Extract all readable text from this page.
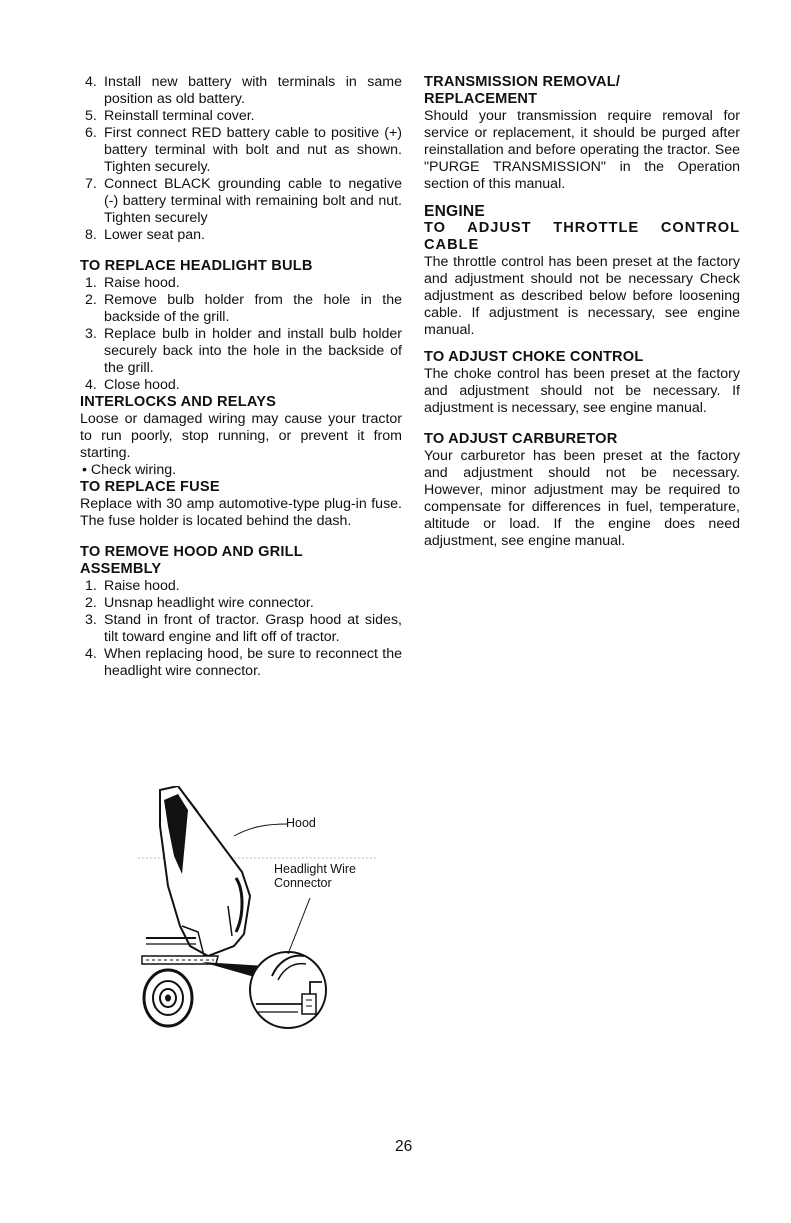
4. Install new battery with terminals in same position as old battery.
5. Reinstall terminal cover.
6. First connect RED battery cable to positive (+) battery terminal with bolt and nut as shown. Tighten securely.
7. Connect BLACK grounding cable to negative (-) battery terminal with remaining bolt and nut. Tighten securely
8. Lower seat pan.
TO REPLACE HEADLIGHT BULB
1. Raise hood.
2. Remove bulb holder from the hole in the backside of the grill.
3. Replace bulb in holder and install bulb holder securely back into the hole in the backside of the grill.
4. Close hood.
INTERLOCKS AND RELAYS
Loose or damaged wiring may cause your tractor to run poorly, stop running, or prevent it from starting.
• Check wiring.
TO REPLACE FUSE
Replace with 30 amp automotive-type plug-in fuse. The fuse holder is located behind the dash.
TO REMOVE HOOD AND GRILL ASSEMBLY
1. Raise hood.
2. Unsnap headlight wire connector.
3. Stand in front of tractor. Grasp hood at sides, tilt toward engine and lift off of tractor.
4. When replacing hood, be sure to reconnect the headlight wire connector.
TRANSMISSION REMOVAL/ REPLACEMENT
Should your transmission require removal for service or replacement, it should be purged after reinstallation and before operating the tractor. See "PURGE TRANSMISSION" in the Operation section of this manual.
ENGINE
TO ADJUST THROTTLE CONTROL CABLE
The throttle control has been preset at the factory and adjustment should not be necessary Check adjustment as described below before loosening cable. If adjustment is necessary, see engine manual.
TO ADJUST CHOKE CONTROL
The choke control has been preset at the factory and adjustment should not be necessary. If adjustment is necessary, see engine manual.
TO ADJUST CARBURETOR
Your carburetor has been preset at the factory and adjustment should not be necessary. However, minor adjustment may be required to compensate for differences in fuel, temperature, altitude or load. If the engine does need adjustment, see engine manual.
Hood
Headlight Wire
Connector
26
